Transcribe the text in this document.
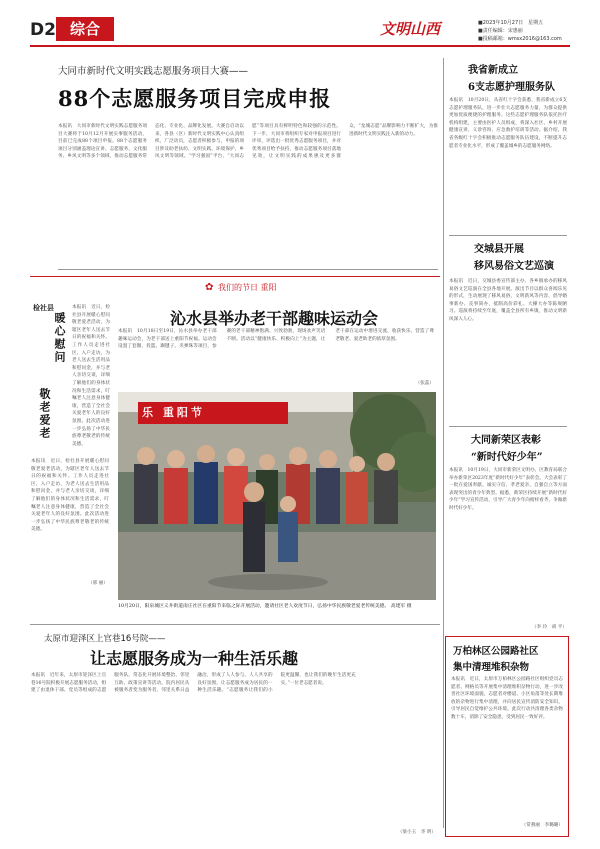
D2 综合	文明山西	■2023年10月27日　星期五
■责任编辑：宋惠丽
■投稿邮箱：wmsx2016@163.com
大同市新时代文明实践志愿服务项目大赛——
88个志愿服务项目完成申报
本报讯　大同市新时代文明实践志愿服务项目大赛将于10月12月开展实事服务活动，目前已完成88个项目申报。88个志愿服务项目分别涵盖理论宣讲、志愿服务、文化服务、乡风文明等多个领域，推动志愿服务常态化、专业化、品牌化发展。大赛自启动以来，各县（区）新时代文明实践中心认真组织，广泛动员，志愿者积极参与，申报的项目涉及助老扶幼、文明实践、环境保护、乡风文明等领域。“学习强国”平台、“大同志愿”等项目具有鲜明特色和较强的示范性。下一步，大同市将组织专家对申报项目进行评审，评选出一批优秀志愿服务项目，并对优秀项目给予扶持，推动志愿服务项目落地见效，让文明实践的成果惠及更多群众。“龙城志愿”品牌影响力不断扩大，为推进新时代文明实践注入新的动力。
我省新成立
6支志愿护理服务队
本报讯　10月20日，从省红十字会获悉，我省新成立6支志愿护理服务队，进一步壮大志愿服务力量，为群众提供更加优质便捷的护理服务。这些志愿护理服务队依托医疗机构组建，主要由医护人员组成，将深入社区、乡村开展健康宣讲、义诊咨询、应急救护培训等活动。据介绍，我省各级红十字会积极推动志愿服务队伍建设，不断提升志愿者专业化水平，形成了覆盖城乡的志愿服务网络。
交城县开展
移风易俗文艺巡演
本报讯　近日，交城县委宣传部主办、各乡镇承办的移风易俗文艺巡演在全县各地开展。演出节目以群众喜闻乐见的形式，生动展现了移风易俗、文明新风等内容，倡导婚事新办、丧事简办，抵制高价彩礼、大操大办等陈规陋习。巡演将持续至年底，覆盖全县所有乡镇，推动文明新风深入人心。
大同新荣区表彰
“新时代好少年”
本报讯　10月19日，大同市新荣区文明办、区教育局联合举办新荣区2023年度“新时代好少年”表彰会。大会表彰了一批在爱国奉献、诚实守信、孝老爱亲、自强自立等方面表现突出的青少年典型。据悉，新荣区持续开展“新时代好少年”学习宣传活动，引导广大青少年向榜样看齐，争做新时代好少年。
（李 玲　胡 平）
万柏林区公园路社区
集中清理堆积杂物
本报讯　近日，太原市万柏林区公园路社区组织党员志愿者、网格员等开展集中清理堆积杂物行动，进一步改善社区环境面貌。志愿者对楼道、小区角落等处长期堆放的杂物进行集中清理，并向居民宣传消防安全知识，引导居民自觉维护公共环境。此次行动共清理各类杂物数十车，消除了安全隐患，受到居民一致好评。
（常燕丽　李璐璐）
✿ 我们的节日 重阳
沁水县举办老干部趣味运动会
本报讯　10月18日至19日，沁水县举办老干部趣味运动会，为老干部送上重阳节祝福。运动会设置了套圈、投篮、踢毽子、夹弹珠等项目，参赛的老干部精神饱满、兴致勃勃，现场欢声笑语不断。活动以“健康快乐、积极向上”为主题，让老干部在运动中增进交流、收获快乐，营造了尊老敬老、爱老助老的浓厚氛围。
（张蕊）
检社县
暖心慰问
敬老爱老
本报讯　近日，检社县开展暖心慰问敬老爱老活动，为辖区老年人送去节日的祝福和关怀。工作人员走进社区、入户走访，为老人送去生活用品和慰问金，并与老人亲切交谈，详细了解他们的身体状况和生活需求，叮嘱老人注意身体健康，营造了全社会关爱老年人的良好氛围。此次活动进一步弘扬了中华民族尊老敬老的传统美德。
（邢 丽）
本报讯　近日，检社县开展暖心慰问敬老爱老活动，为辖区老年人送去节日的祝福和关怀。工作人员走进社区、入户走访，为老人送去生活用品和慰问金，并与老人亲切交谈，详细了解他们的身体状况和生活需求，叮嘱老人注意身体健康，营造了全社会关爱老年人的良好氛围。此次活动进一步弘扬了中华民族尊老敬老的传统美德。
乐 重阳节
10月20日，阳泉城区义井街道南庄社区在重阳节来临之际开展活动，邀请社区老人欢度节日，弘扬中华民族敬老爱老传统美德。 高建军 摄
太原市迎泽区上官巷16号院——
让志愿服务成为一种生活乐趣
本报讯　近年来，太原市迎泽区上官巷16号院积极开展志愿服务活动，组建了由退休干部、党员等组成的志愿服务队，常态化开展环境整治、邻里互助、政策宣讲等活动。院内居民从被服务者变为服务者，邻里关系日益融洽，形成了人人参与、人人共享的良好氛围，让志愿服务成为居民的一种生活乐趣。“志愿服务让我们的小院更温馨，也让我们的晚年生活更充实。”一位老志愿者说。
（梁小玉　李 明）
